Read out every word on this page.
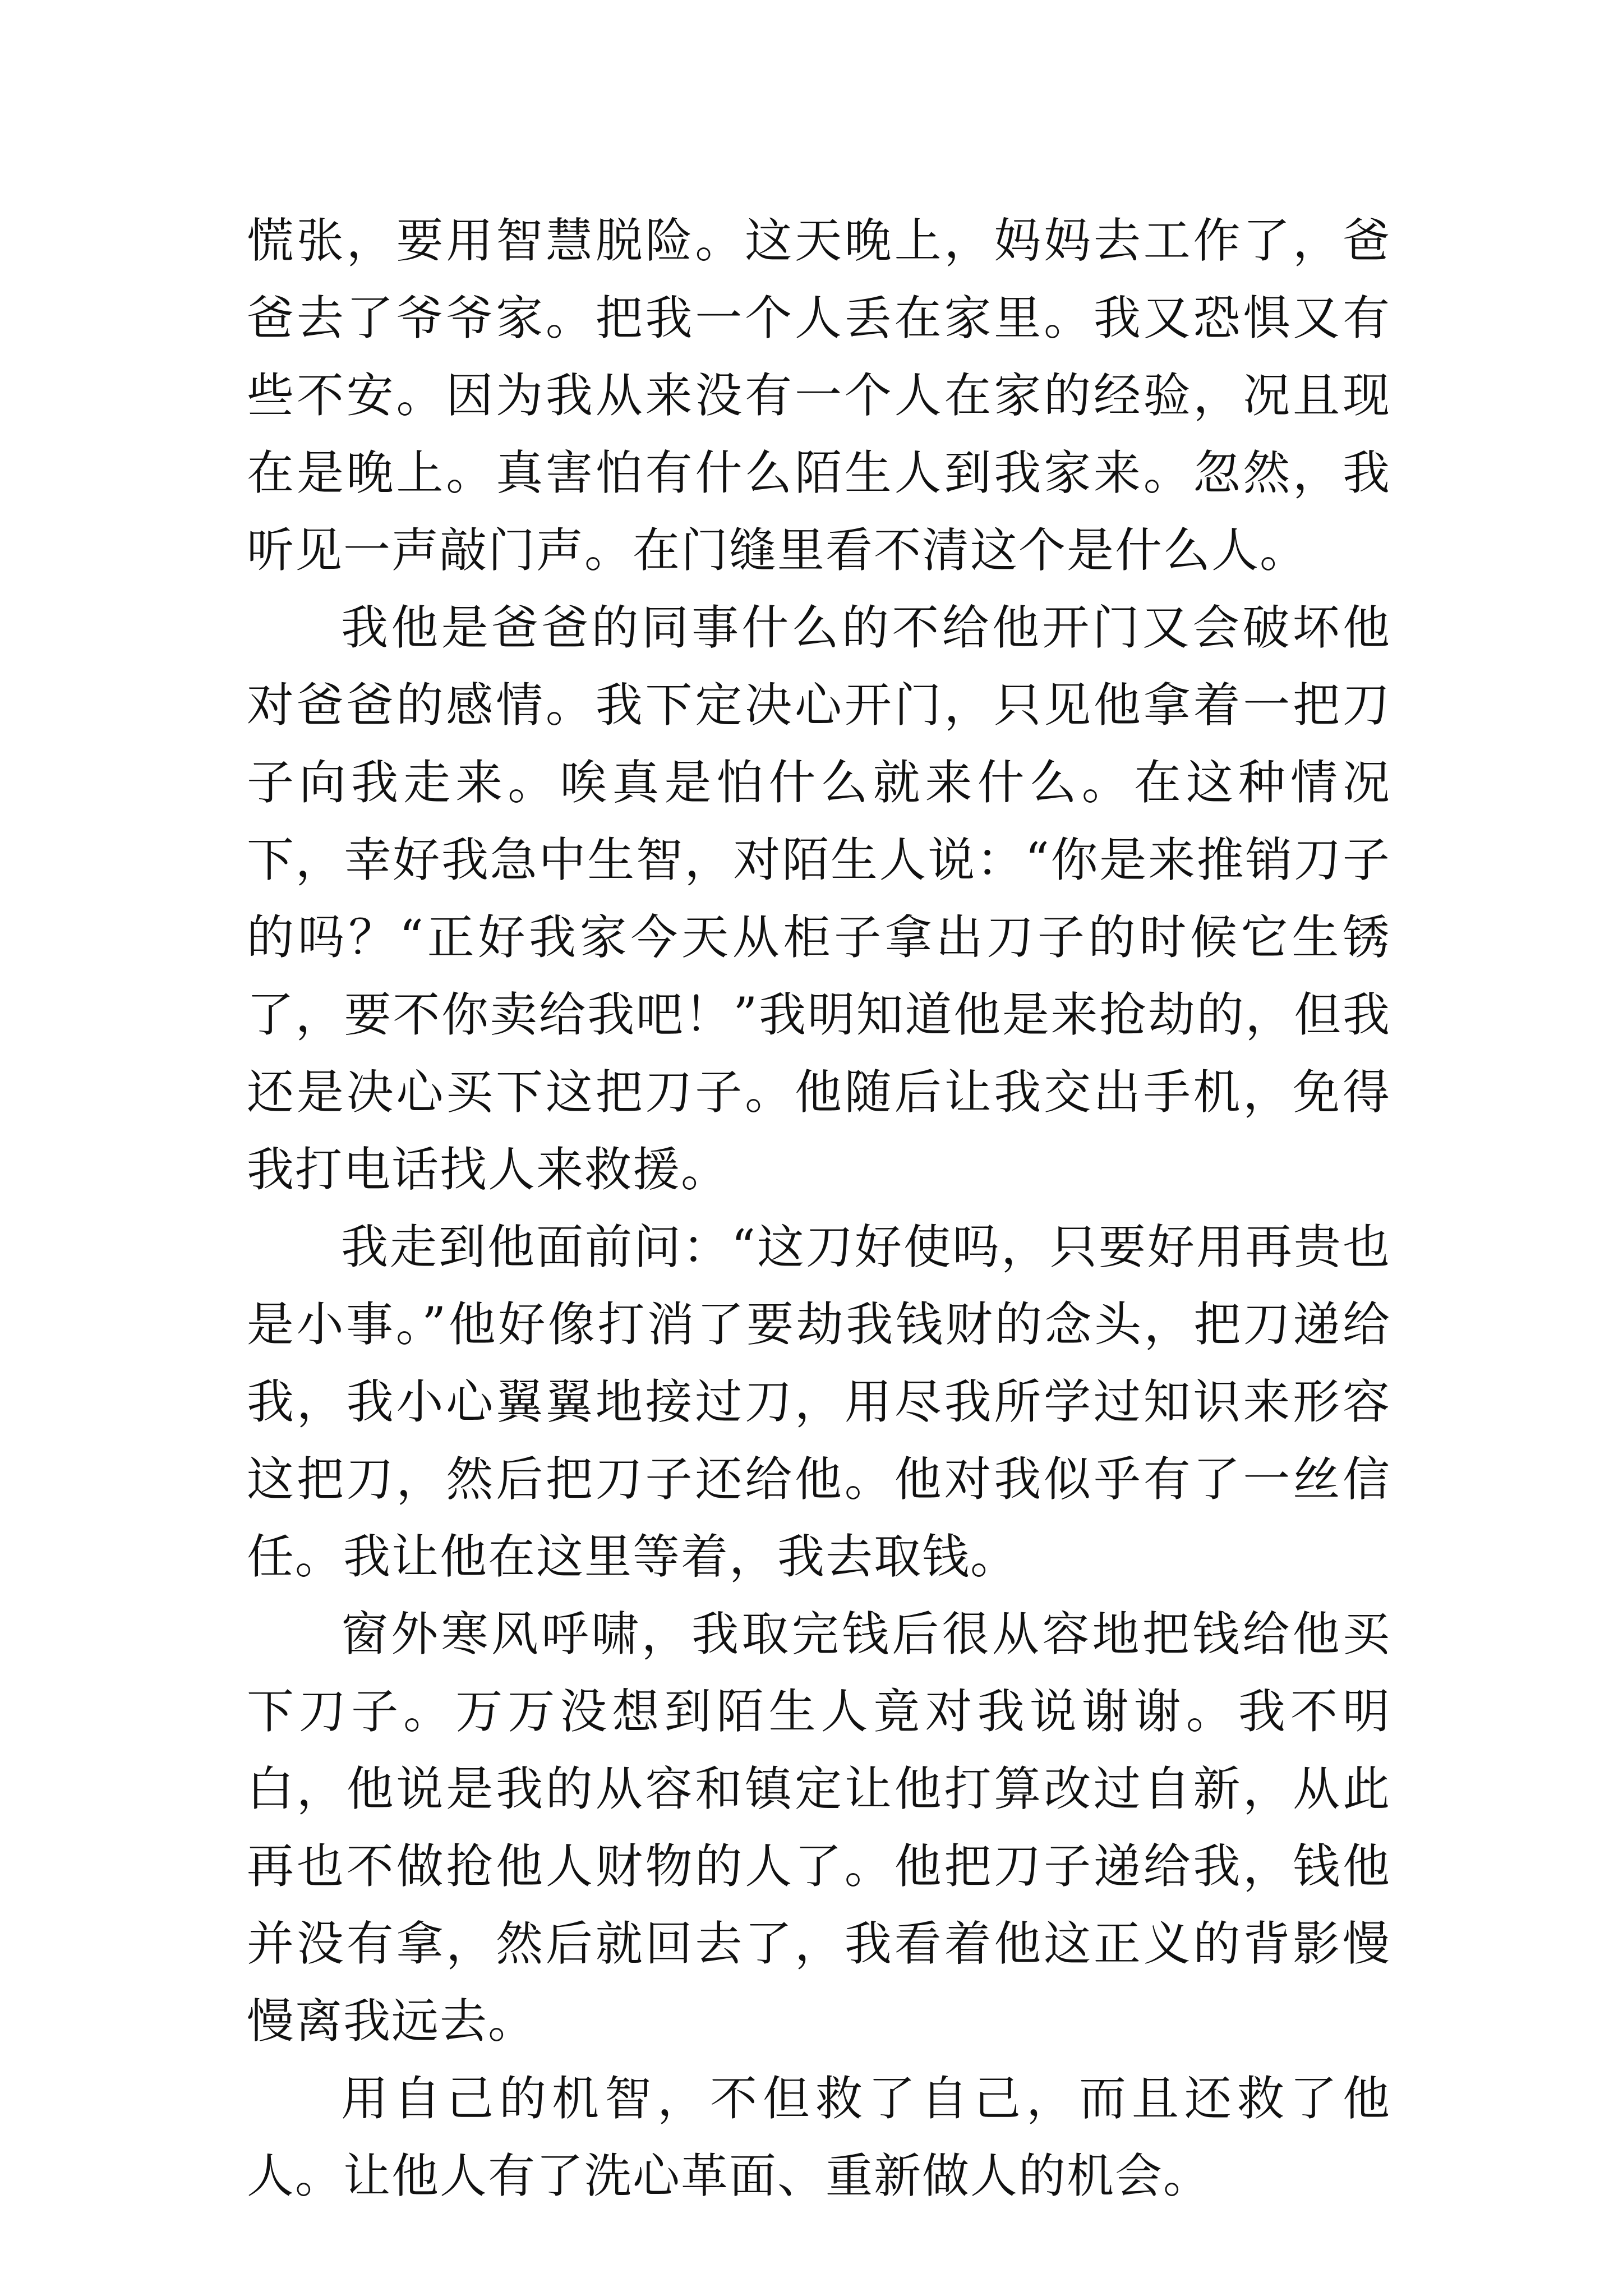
慌张，要用智慧脱险。这天晚上，妈妈去工作了，爸爸去了爷爷家。把我一个人丢在家里。我又恐惧又有些不安。因为我从来没有一个人在家的经验，况且现在是晚上。真害怕有什么陌生人到我家来。忽然，我听见一声敲门声。在门缝里看不清这个是什么人。

我他是爸爸的同事什么的不给他开门又会破坏他对爸爸的感情。我下定决心开门，只见他拿着一把刀子向我走来。唉真是怕什么就来什么。在这种情况下，幸好我急中生智，对陌生人说：“你是来推销刀子的吗？“正好我家今天从柜子拿出刀子的时候它生锈了，要不你卖给我吧！”我明知道他是来抢劫的，但我还是决心买下这把刀子。他随后让我交出手机，免得我打电话找人来救援。

我走到他面前问：“这刀好使吗，只要好用再贵也是小事。”他好像打消了要劫我钱财的念头，把刀递给我，我小心翼翼地接过刀，用尽我所学过知识来形容这把刀，然后把刀子还给他。他对我似乎有了一丝信任。我让他在这里等着，我去取钱。

窗外寒风呼啸，我取完钱后很从容地把钱给他买下刀子。万万没想到陌生人竟对我说谢谢。我不明白，他说是我的从容和镇定让他打算改过自新，从此再也不做抢他人财物的人了。他把刀子递给我，钱他并没有拿，然后就回去了，我看着他这正义的背影慢慢离我远去。

用自己的机智，不但救了自己，而且还救了他人。让他人有了洗心革面、重新做人的机会。
